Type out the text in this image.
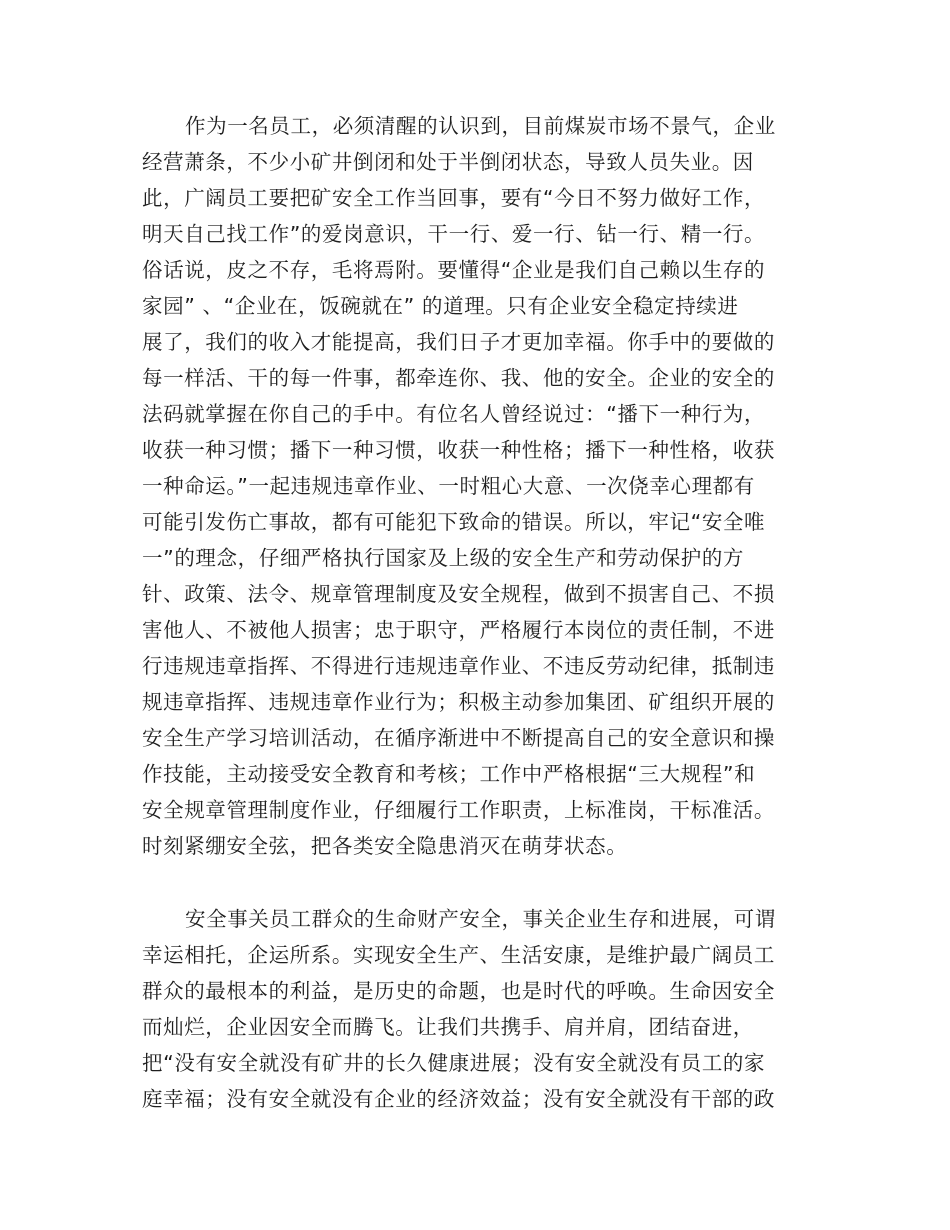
作为一名员工，必须清醒的认识到，目前煤炭市场不景气，企业
经营萧条，不少小矿井倒闭和处于半倒闭状态，导致人员失业。因
此，广阔员工要把矿安全工作当回事，要有“今日不努力做好工作，
明天自己找工作”的爱岗意识，干一行、爱一行、钻一行、精一行。
俗话说，皮之不存，毛将焉附。要懂得“企业是我们自己赖以生存的
家园” 、“企业在，饭碗就在” 的道理。只有企业安全稳定持续进
展了，我们的收入才能提高，我们日子才更加幸福。你手中的要做的
每一样活、干的每一件事，都牵连你、我、他的安全。企业的安全的
法码就掌握在你自己的手中。有位名人曾经说过：“播下一种行为，
收获一种习惯；播下一种习惯，收获一种性格；播下一种性格，收获
一种命运。”一起违规违章作业、一时粗心大意、一次侥幸心理都有
可能引发伤亡事故，都有可能犯下致命的错误。所以，牢记“安全唯
一”的理念，仔细严格执行国家及上级的安全生产和劳动保护的方
针、政策、法令、规章管理制度及安全规程，做到不损害自己、不损
害他人、不被他人损害；忠于职守，严格履行本岗位的责任制，不进
行违规违章指挥、不得进行违规违章作业、不违反劳动纪律，抵制违
规违章指挥、违规违章作业行为；积极主动参加集团、矿组织开展的
安全生产学习培训活动，在循序渐进中不断提高自己的安全意识和操
作技能，主动接受安全教育和考核；工作中严格根据“三大规程”和
安全规章管理制度作业，仔细履行工作职责，上标准岗，干标准活。
时刻紧绷安全弦，把各类安全隐患消灭在萌芽状态。
安全事关员工群众的生命财产安全，事关企业生存和进展，可谓
幸运相托，企运所系。实现安全生产、生活安康，是维护最广阔员工
群众的最根本的利益，是历史的命题，也是时代的呼唤。生命因安全
而灿烂，企业因安全而腾飞。让我们共携手、肩并肩，团结奋进，
把“没有安全就没有矿井的长久健康进展；没有安全就没有员工的家
庭幸福；没有安全就没有企业的经济效益；没有安全就没有干部的政
